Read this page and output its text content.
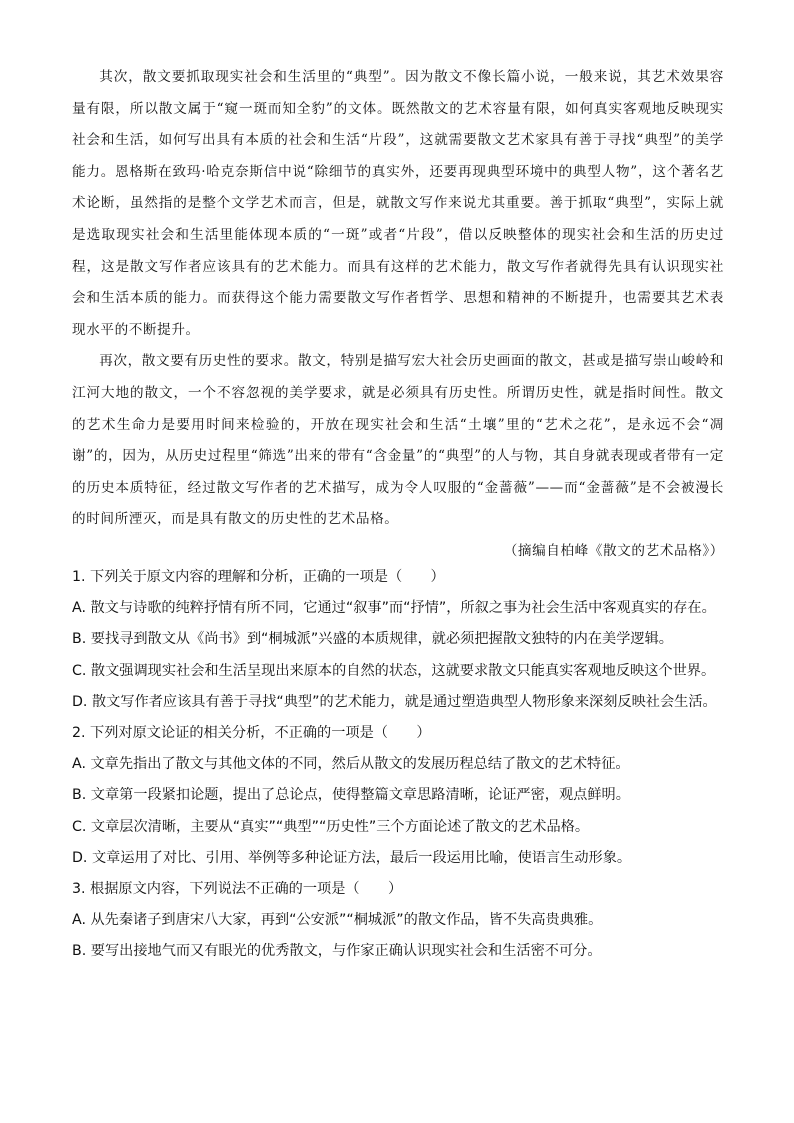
其次，散文要抓取现实社会和生活里的“典型”。因为散文不像长篇小说，一般来说，其艺术效果容量有限，所以散文属于“窥一斑而知全豹”的文体。既然散文的艺术容量有限，如何真实客观地反映现实社会和生活，如何写出具有本质的社会和生活“片段”，这就需要散文艺术家具有善于寻找“典型”的美学能力。恩格斯在致玛·哈克奈斯信中说“除细节的真实外，还要再现典型环境中的典型人物”，这个著名艺术论断，虽然指的是整个文学艺术而言，但是，就散文写作来说尤其重要。善于抓取“典型”，实际上就是选取现实社会和生活里能体现本质的“一斑”或者“片段”，借以反映整体的现实社会和生活的历史过程，这是散文写作者应该具有的艺术能力。而具有这样的艺术能力，散文写作者就得先具有认识现实社会和生活本质的能力。而获得这个能力需要散文写作者哲学、思想和精神的不断提升，也需要其艺术表现水平的不断提升。

再次，散文要有历史性的要求。散文，特别是描写宏大社会历史画面的散文，甚或是描写崇山峻岭和江河大地的散文，一个不容忽视的美学要求，就是必须具有历史性。所谓历史性，就是指时间性。散文的艺术生命力是要用时间来检验的，开放在现实社会和生活“土壤”里的“艺术之花”，是永远不会“凋谢”的，因为，从历史过程里“筛选”出来的带有“含金量”的“典型”的人与物，其自身就表现或者带有一定的历史本质特征，经过散文写作者的艺术描写，成为令人叹服的“金蔷薇”——而“金蔷薇”是不会被漫长的时间所湮灭，而是具有散文的历史性的艺术品格。

（摘编自柏峰《散文的艺术品格》）

1. 下列关于原文内容的理解和分析，正确的一项是（　　）

A. 散文与诗歌的纯粹抒情有所不同，它通过“叙事”而“抒情”，所叙之事为社会生活中客观真实的存在。

B. 要找寻到散文从《尚书》到“桐城派”兴盛的本质规律，就必须把握散文独特的内在美学逻辑。

C. 散文强调现实社会和生活呈现出来原本的自然的状态，这就要求散文只能真实客观地反映这个世界。

D. 散文写作者应该具有善于寻找“典型”的艺术能力，就是通过塑造典型人物形象来深刻反映社会生活。

2. 下列对原文论证的相关分析，不正确的一项是（　　）

A. 文章先指出了散文与其他文体的不同，然后从散文的发展历程总结了散文的艺术特征。

B. 文章第一段紧扣论题，提出了总论点，使得整篇文章思路清晰，论证严密，观点鲜明。

C. 文章层次清晰，主要从“真实”“典型”“历史性”三个方面论述了散文的艺术品格。

D. 文章运用了对比、引用、举例等多种论证方法，最后一段运用比喻，使语言生动形象。

3. 根据原文内容，下列说法不正确的一项是（　　）

A. 从先秦诸子到唐宋八大家，再到“公安派”“桐城派”的散文作品，皆不失高贵典雅。

B. 要写出接地气而又有眼光的优秀散文，与作家正确认识现实社会和生活密不可分。
